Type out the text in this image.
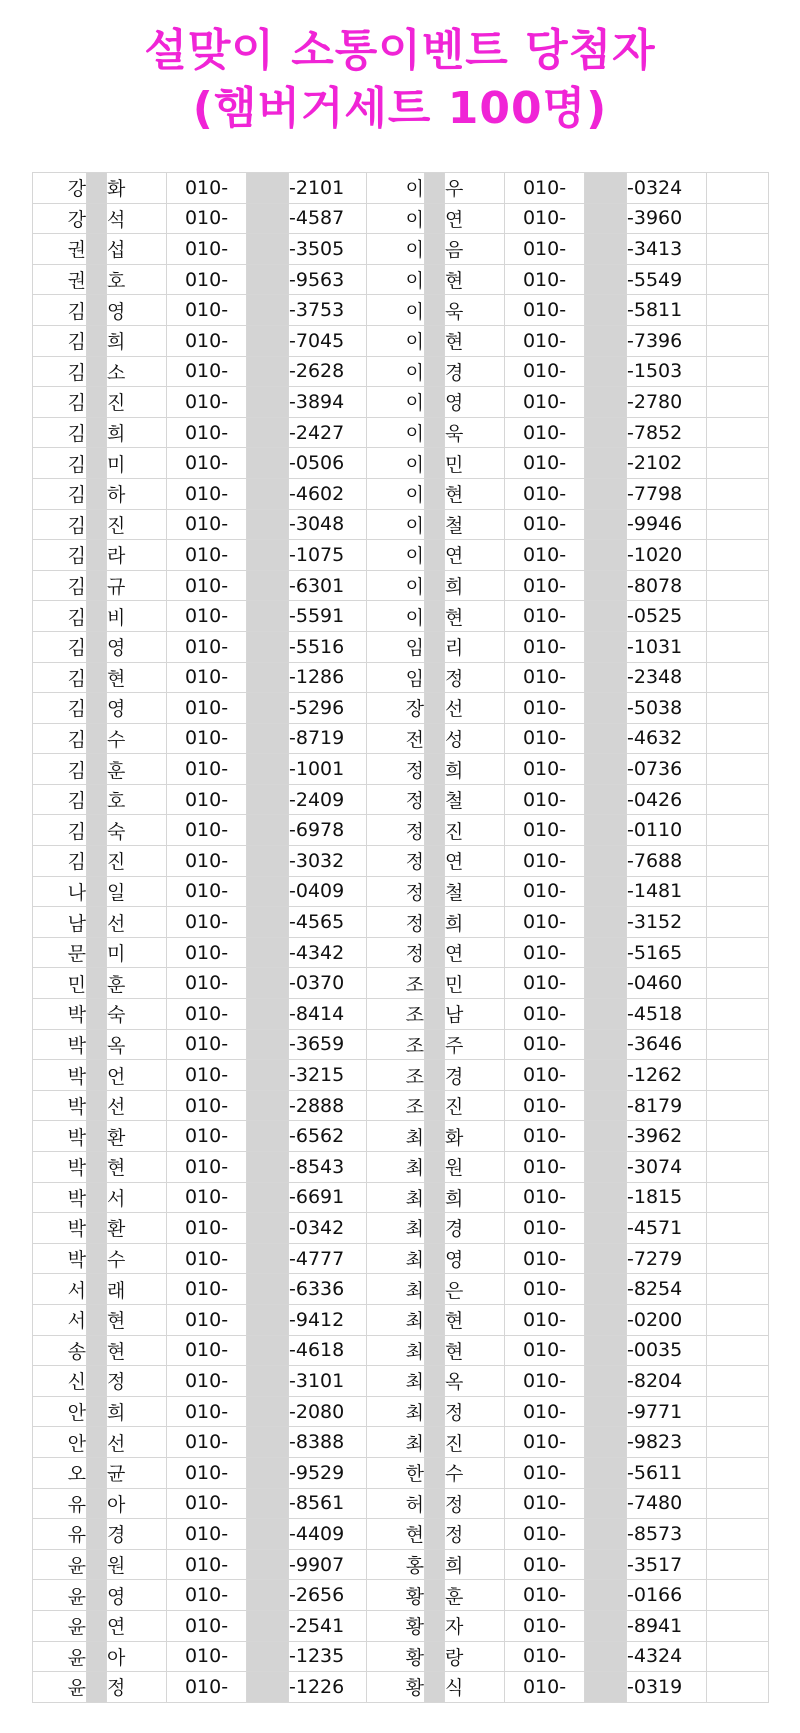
설맞이 소통이벤트 당첨자
(햄버거세트 100명)
강		화	010-		-2101	이		우	010-		-0324	
강		석	010-		-4587	이		연	010-		-3960	
권		섭	010-		-3505	이		음	010-		-3413	
권		호	010-		-9563	이		현	010-		-5549	
김		영	010-		-3753	이		욱	010-		-5811	
김		희	010-		-7045	이		현	010-		-7396	
김		소	010-		-2628	이		경	010-		-1503	
김		진	010-		-3894	이		영	010-		-2780	
김		희	010-		-2427	이		욱	010-		-7852	
김		미	010-		-0506	이		민	010-		-2102	
김		하	010-		-4602	이		현	010-		-7798	
김		진	010-		-3048	이		철	010-		-9946	
김		라	010-		-1075	이		연	010-		-1020	
김		규	010-		-6301	이		희	010-		-8078	
김		비	010-		-5591	이		현	010-		-0525	
김		영	010-		-5516	임		리	010-		-1031	
김		현	010-		-1286	임		정	010-		-2348	
김		영	010-		-5296	장		선	010-		-5038	
김		수	010-		-8719	전		성	010-		-4632	
김		훈	010-		-1001	정		희	010-		-0736	
김		호	010-		-2409	정		철	010-		-0426	
김		숙	010-		-6978	정		진	010-		-0110	
김		진	010-		-3032	정		연	010-		-7688	
나		일	010-		-0409	정		철	010-		-1481	
남		선	010-		-4565	정		희	010-		-3152	
문		미	010-		-4342	정		연	010-		-5165	
민		훈	010-		-0370	조		민	010-		-0460	
박		숙	010-		-8414	조		남	010-		-4518	
박		옥	010-		-3659	조		주	010-		-3646	
박		언	010-		-3215	조		경	010-		-1262	
박		선	010-		-2888	조		진	010-		-8179	
박		환	010-		-6562	최		화	010-		-3962	
박		현	010-		-8543	최		원	010-		-3074	
박		서	010-		-6691	최		희	010-		-1815	
박		환	010-		-0342	최		경	010-		-4571	
박		수	010-		-4777	최		영	010-		-7279	
서		래	010-		-6336	최		은	010-		-8254	
서		현	010-		-9412	최		현	010-		-0200	
송		현	010-		-4618	최		현	010-		-0035	
신		정	010-		-3101	최		옥	010-		-8204	
안		희	010-		-2080	최		정	010-		-9771	
안		선	010-		-8388	최		진	010-		-9823	
오		균	010-		-9529	한		수	010-		-5611	
유		아	010-		-8561	허		정	010-		-7480	
유		경	010-		-4409	현		정	010-		-8573	
윤		원	010-		-9907	홍		희	010-		-3517	
윤		영	010-		-2656	황		훈	010-		-0166	
윤		연	010-		-2541	황		자	010-		-8941	
윤		아	010-		-1235	황		랑	010-		-4324	
윤		정	010-		-1226	황		식	010-		-0319	
